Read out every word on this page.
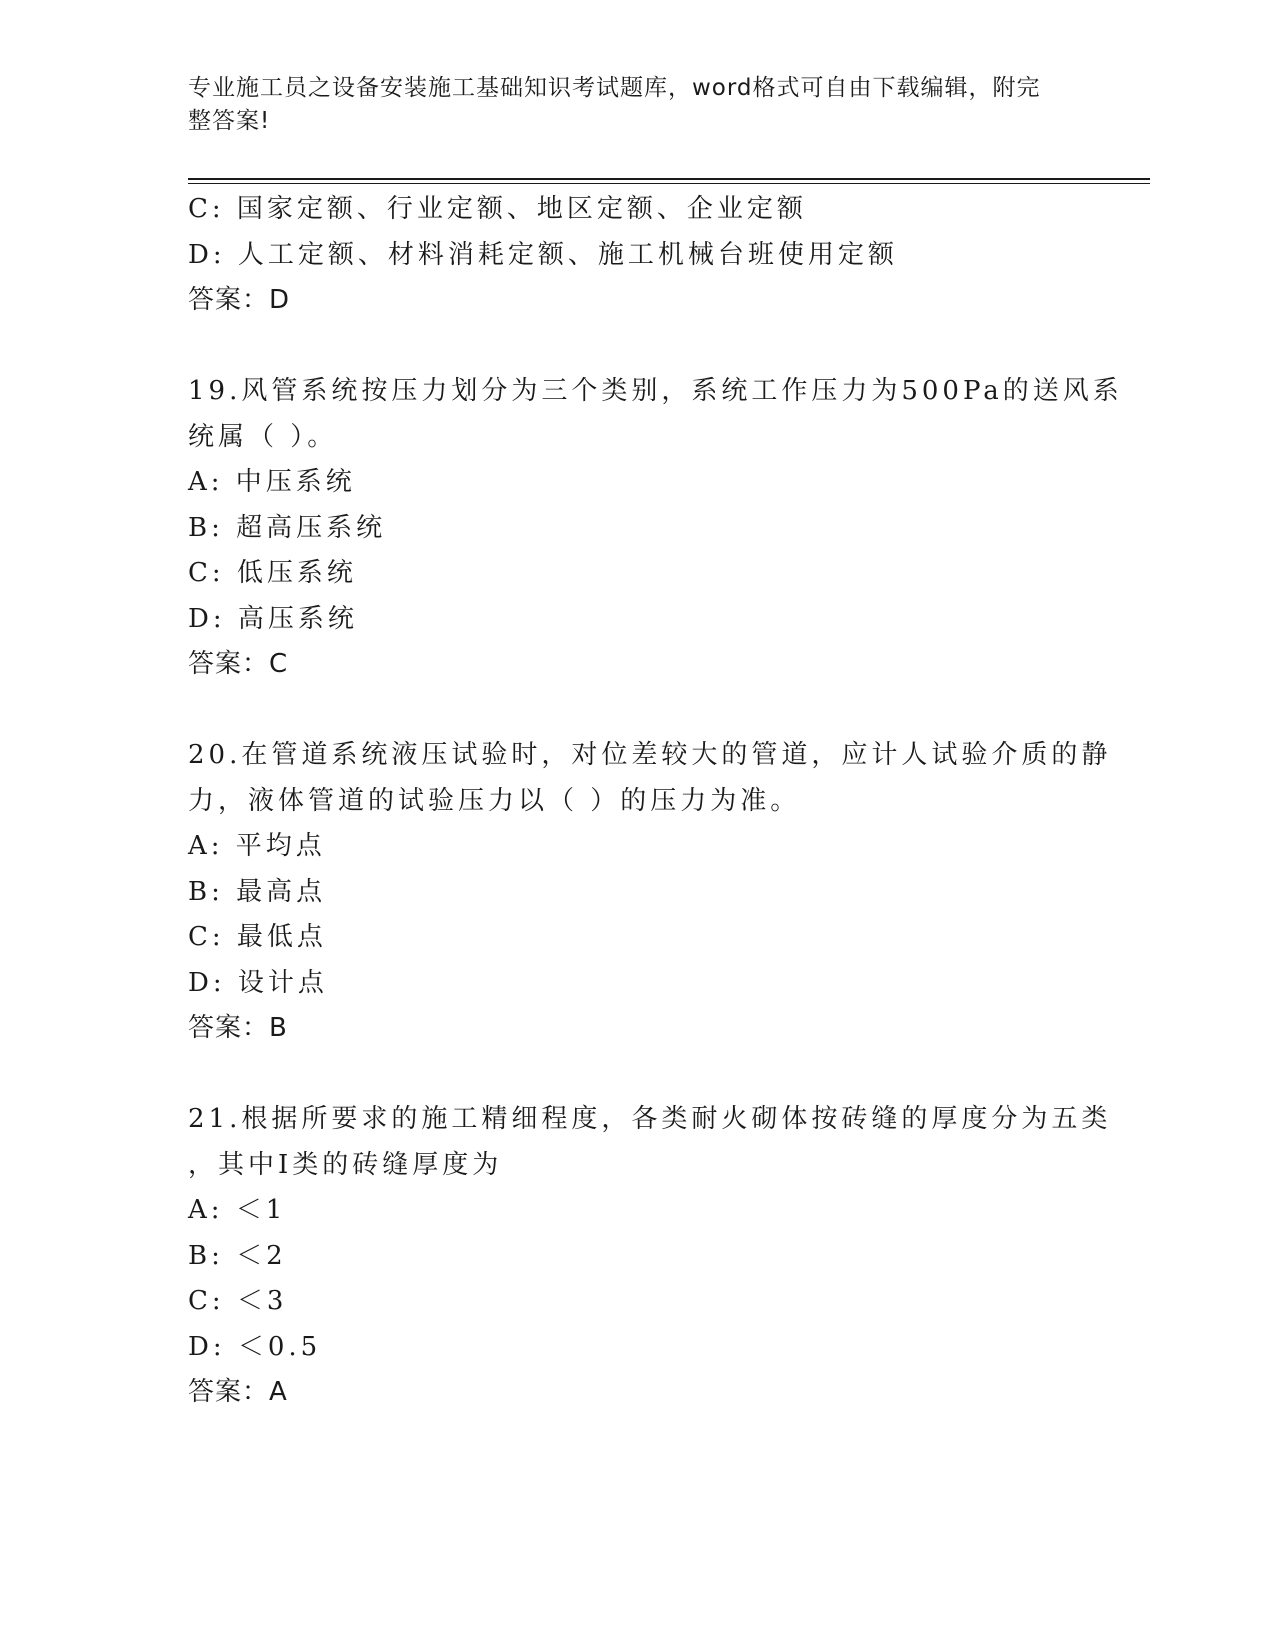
专业施工员之设备安装施工基础知识考试题库，word格式可自由下载编辑，附完
整答案!
C: 国家定额、行业定额、地区定额、企业定额
D: 人工定额、材料消耗定额、施工机械台班使用定额
答案：D
19.风管系统按压力划分为三个类别，系统工作压力为500Pa的送风系
统属（ ）。
A: 中压系统
B: 超高压系统
C: 低压系统
D: 高压系统
答案：C
20.在管道系统液压试验时，对位差较大的管道，应计人试验介质的静
力，液体管道的试验压力以（ ）的压力为准。
A: 平均点
B: 最高点
C: 最低点
D: 设计点
答案：B
21.根据所要求的施工精细程度，各类耐火砌体按砖缝的厚度分为五类
，其中Ⅰ类的砖缝厚度为
A: ＜1
B: ＜2
C: ＜3
D: ＜0.5
答案：A
